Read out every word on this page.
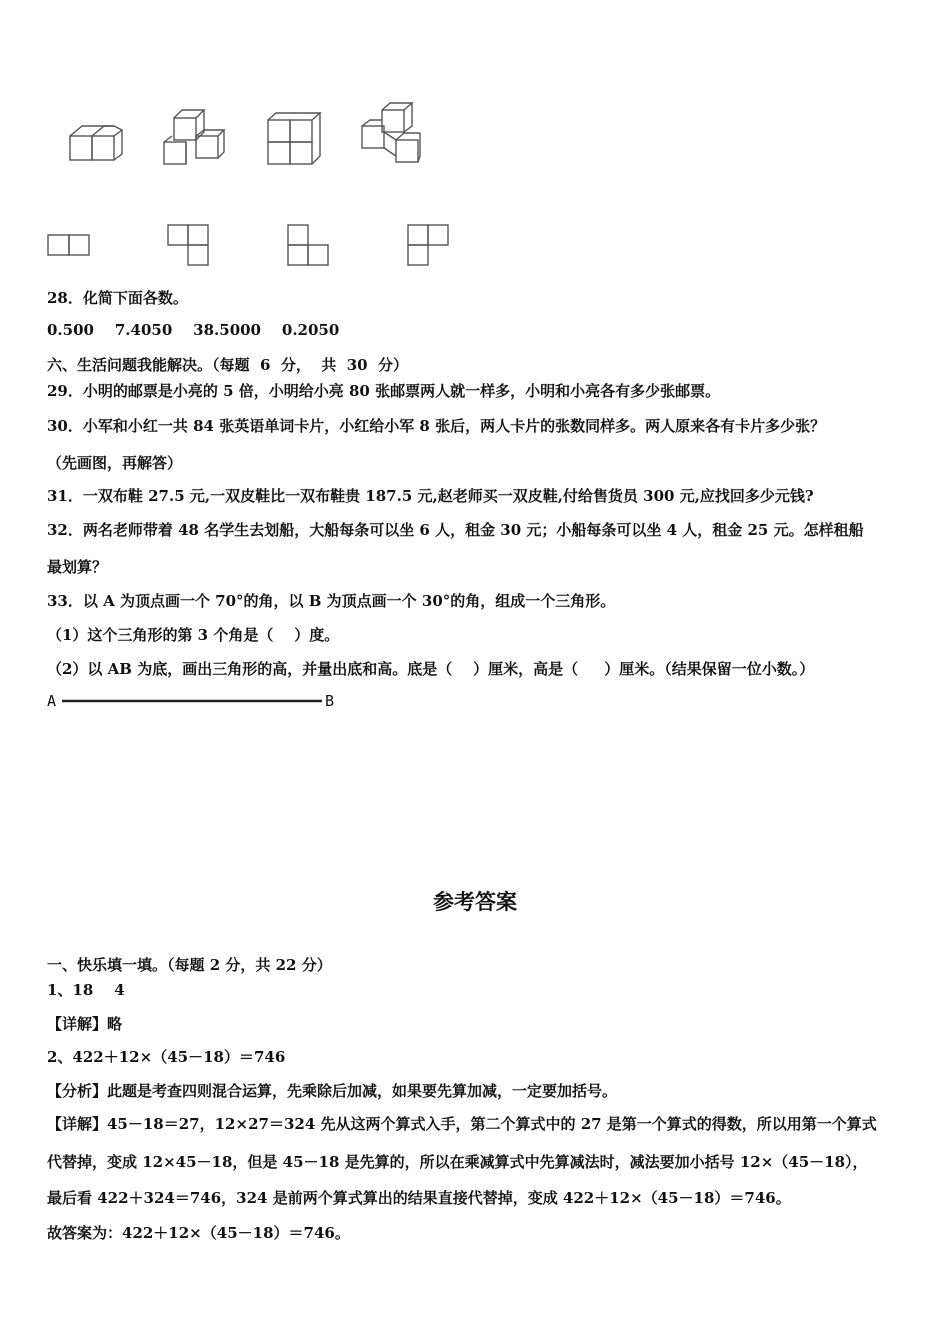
28．化简下面各数。
0.500    7.4050    38.5000    0.2050
六、生活问题我能解决。（每题  6  分，  共  30  分）
29．小明的邮票是小亮的 5 倍，小明给小亮 80 张邮票两人就一样多，小明和小亮各有多少张邮票。
30．小军和小红一共 84 张英语单词卡片，小红给小军 8 张后，两人卡片的张数同样多。两人原来各有卡片多少张？
（先画图，再解答）
31．一双布鞋 27.5 元,一双皮鞋比一双布鞋贵 187.5 元,赵老师买一双皮鞋,付给售货员 300 元,应找回多少元钱?
32．两名老师带着 48 名学生去划船，大船每条可以坐 6 人，租金 30 元；小船每条可以坐 4 人，租金 25 元。怎样租船
最划算？
33．以 A 为顶点画一个 70°的角，以 B 为顶点画一个 30°的角，组成一个三角形。
（1）这个三角形的第 3 个角是（    ）度。
（2）以 AB 为底，画出三角形的高，并量出底和高。底是（    ）厘米，高是（     ）厘米。（结果保留一位小数。）
A	B
参考答案
一、快乐填一填。（每题 2 分，共 22 分）
1、18    4
【详解】略
2、422＋12×（45－18）＝746
【分析】此题是考查四则混合运算，先乘除后加减，如果要先算加减，一定要加括号。
【详解】45－18＝27，12×27＝324 先从这两个算式入手，第二个算式中的 27 是第一个算式的得数，所以用第一个算式
代替掉，变成 12×45－18，但是 45－18 是先算的，所以在乘减算式中先算减法时，减法要加小括号 12×（45－18），
最后看 422＋324＝746，324 是前两个算式算出的结果直接代替掉，变成 422＋12×（45－18）＝746。
故答案为：422＋12×（45－18）＝746。
